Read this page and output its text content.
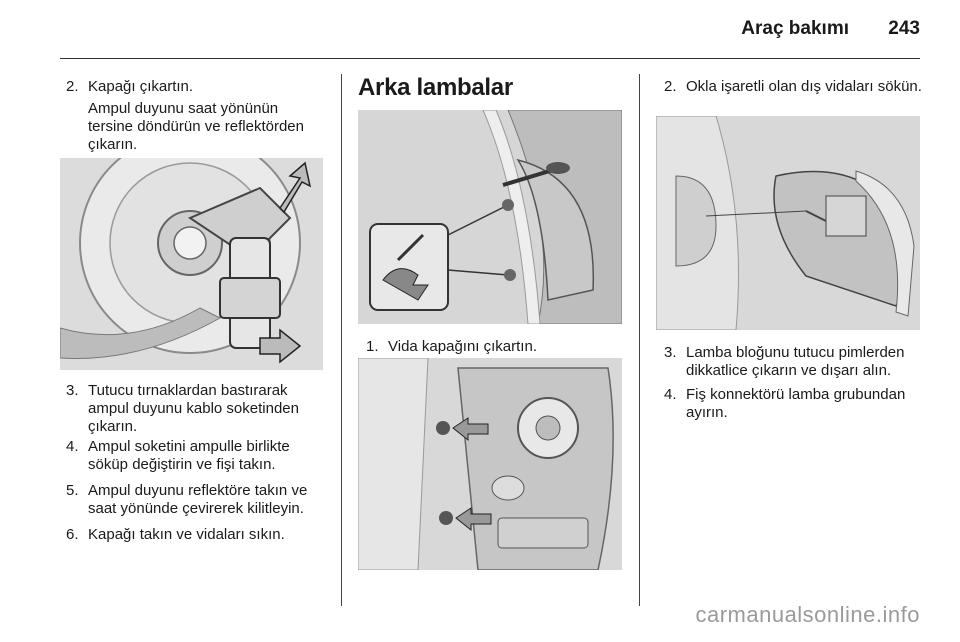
Araç bakımı 243
2. Kapağı çıkartın.
Ampul duyunu saat yönünün tersine döndürün ve reflektörden çıkarın.
3. Tutucu tırnaklardan bastırarak ampul duyunu kablo soketinden çıkarın.
4. Ampul soketini ampulle birlikte söküp değiştirin ve fişi takın.
5. Ampul duyunu reflektöre takın ve saat yönünde çevirerek kilitleyin.
6. Kapağı takın ve vidaları sıkın.
Arka lambalar
1. Vida kapağını çıkartın.
2. Okla işaretli olan dış vidaları sökün.
3. Lamba bloğunu tutucu pimlerden dikkatlice çıkarın ve dışarı alın.
4. Fiş konnektörü lamba grubundan ayırın.
carmanualsonline.info
